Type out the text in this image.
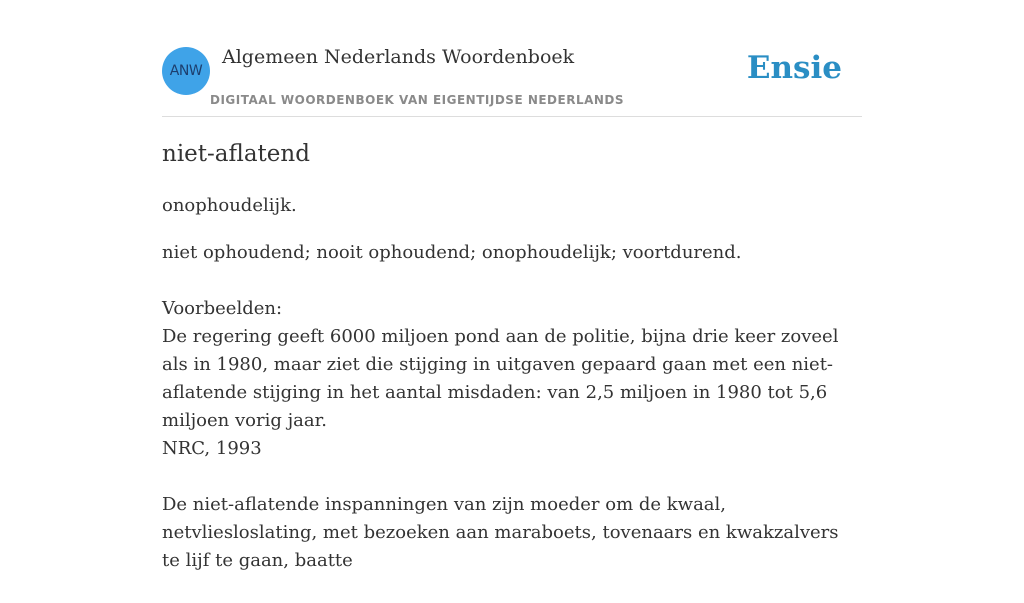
ANW
Algemeen Nederlands Woordenboek
DIGITAAL WOORDENBOEK VAN EIGENTIJDSE NEDERLANDS
Ensie
niet-aflatend

onophoudelijk.

niet ophoudend; nooit ophoudend; onophoudelijk; voortdurend.

Voorbeelden:
De regering geeft 6000 miljoen pond aan de politie, bijna drie keer zoveel als in 1980, maar ziet die stijging in uitgaven gepaard gaan met een niet-aflatende stijging in het aantal misdaden: van 2,5 miljoen in 1980 tot 5,6 miljoen vorig jaar.
NRC, 1993
De niet-aflatende inspanningen van zijn moeder om de kwaal, netvliesloslating, met bezoeken aan maraboets, tovenaars en kwakzalvers te lijf te gaan, baatte
